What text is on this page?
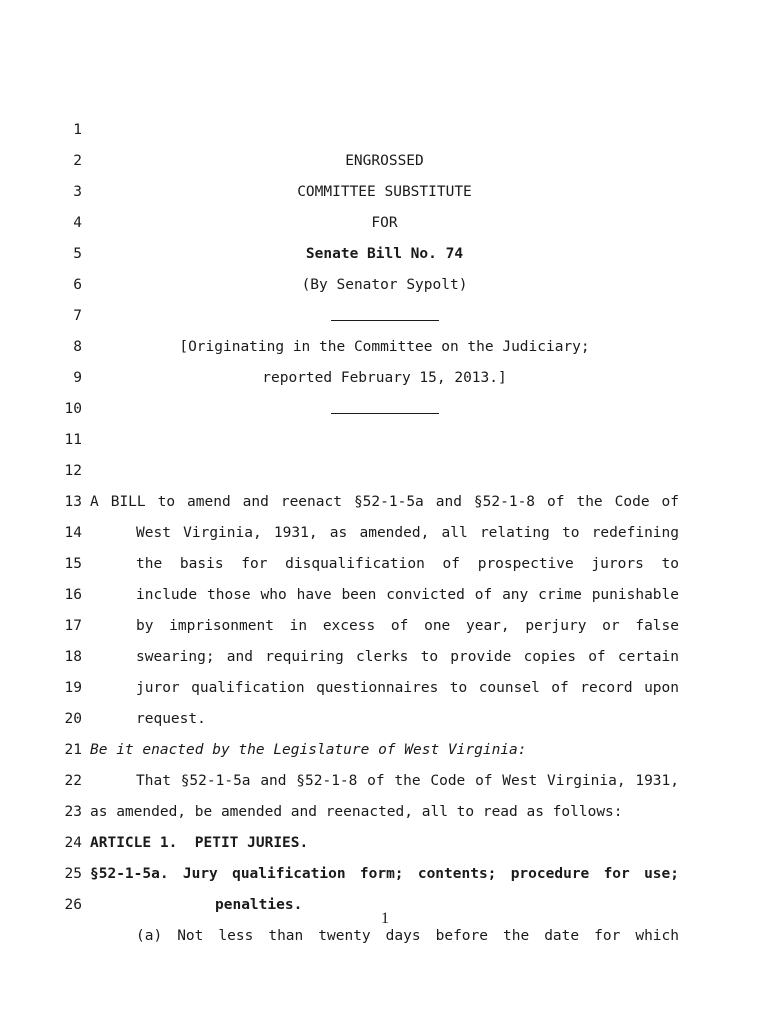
1

ENGROSSED

2

COMMITTEE SUBSTITUTE

3

FOR

4

Senate Bill No. 74

5

(By Senator Sypolt)

6

7

[Originating in the Committee on the Judiciary;

8

reported February 15, 2013.]

9

10

11

12

A BILL to amend and reenact §52-1-5a and §52-1-8 of the Code of

13

West Virginia, 1931, as amended, all relating to redefining

14

the basis for disqualification of prospective jurors to

15

include those who have been convicted of any crime punishable

16

by imprisonment in excess of one year, perjury or false

17

swearing; and requiring clerks to provide copies of certain

18

juror qualification questionnaires to counsel of record upon

19

request.

20

Be it enacted by the Legislature of West Virginia:

21

That §52-1-5a and §52-1-8 of the Code of West Virginia, 1931,

22

as amended, be amended and reenacted, all to read as follows:

23

ARTICLE 1.  PETIT JURIES.

24

§52-1-5a. Jury qualification form; contents; procedure for use;

25

penalties.

26

(a) Not less than twenty days before the date for which

1
